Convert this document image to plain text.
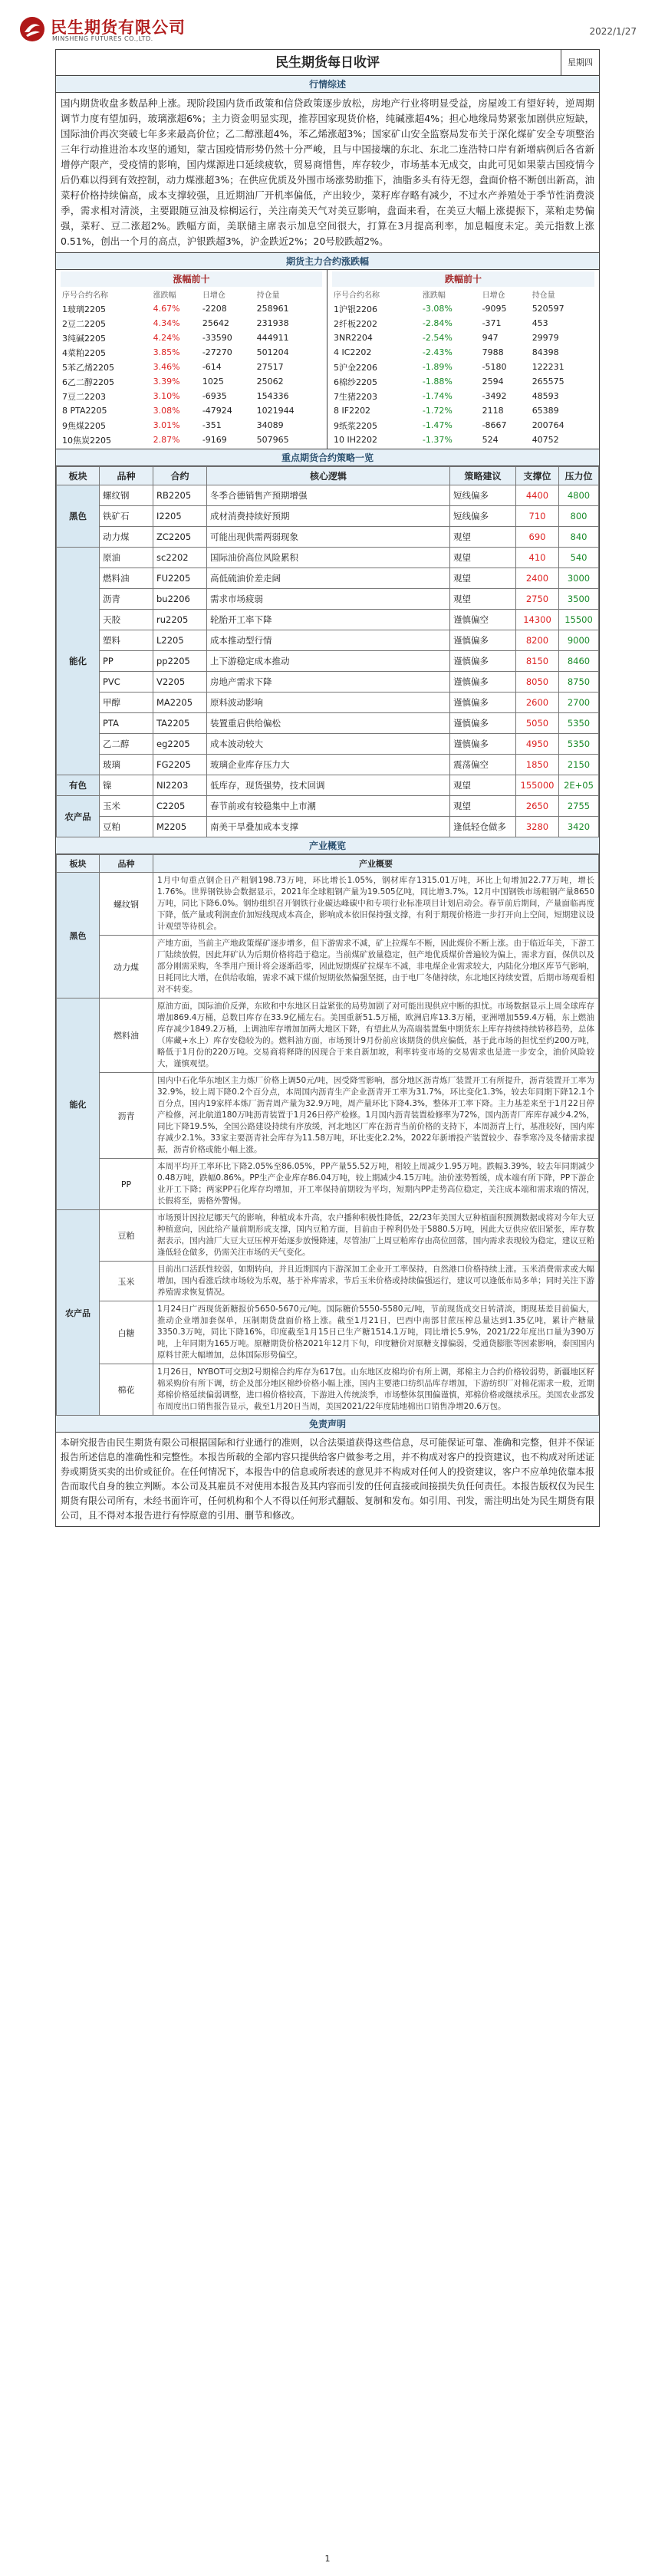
民生期货有限公司
MINSHENG FUTURES CO.,LTD.
2022/1/27
民生期货每日收评	星期四
行情综述
国内期货收盘多数品种上涨。现阶段国内货币政策和信贷政策逐步放松，房地产行业将明显受益，房屋竣工有望好转，逆周期调节力度有望加码，玻璃涨超6%；主力资金明显实现，推荐国家现货价格，纯碱涨超4%；担心地缘局势紧张加剧供应短缺，国际油价再次突破七年多来最高价位；乙二醇涨超4%，苯乙烯涨超3%；国家矿山安全监察局发布关于深化煤矿安全专项整治三年行动推进治本攻坚的通知，蒙古国疫情形势仍然十分严峻，且与中国接壤的东北、东北二连浩特口岸有新增病例后各省新增停产限产，受疫情的影响，国内煤源进口延续疲软，贸易商惜售，库存较少，市场基本无成交，由此可见如果蒙古国疫情今后仍难以得到有效控制，动力煤涨超3%；在供应优质及外围市场涨势助推下，油脂多头有待无怨，盘面价格不断创出新高，油菜籽价格持续偏高，成本支撑较强，且近期油厂开机率偏低，产出较少，菜籽库存略有减少，不过水产养殖处于季节性消费淡季，需求相对清淡，主要跟随豆油及棕榈运行，关注南美天气对美豆影响，盘面来看，在美豆大幅上涨提振下，菜粕走势偏强，菜籽、豆二涨超2%。跌幅方面，美联储主席表示加息空间很大，打算在3月提高利率，加息幅度未定。美元指数上涨0.51%，创出一个月的高点，沪银跌超3%，沪金跌近2%；20号胶跌超2%。
期货主力合约涨跌幅
涨幅前十
序号合约名称	涨跌幅	日增仓	持仓量
1玻璃2205	4.67%	-2208	258961
2豆二2205	4.34%	25642	231938
3纯碱2205	4.24%	-33590	444911
4菜粕2205	3.85%	-27270	501204
5苯乙烯2205	3.46%	-614	27517
6乙二醇2205	3.39%	1025	25062
7豆二2203	3.10%	-6935	154336
8 PTA2205	3.08%	-47924	1021944
9焦煤2205	3.01%	-351	34089
10焦炭2205	2.87%	-9169	507965
跌幅前十
序号合约名称	涨跌幅	日增仓	持仓量
1沪银2206	-3.08%	-9095	520597
2纤板2202	-2.84%	-371	453
3NR2204	-2.54%	947	29979
4 IC2202	-2.43%	7988	84398
5沪金2206	-1.89%	-5180	122231
6棉纱2205	-1.88%	2594	265575
7生猪2203	-1.74%	-3492	48593
8 IF2202	-1.72%	2118	65389
9纸浆2205	-1.47%	-8667	200764
10 IH2202	-1.37%	524	40752
重点期货合约策略一览
板块	品种	合约	核心逻辑	策略建议	支撑位	压力位
黑色	螺纹钢	RB2205	冬季合德销售产预期增强	短线偏多	4400	4800
	铁矿石	I2205	成材消费持续好预期	短线偏多	710	800
	动力煤	ZC2205	可能出现供需两弱现象	观望	690	840
能化	原油	sc2202	国际油价高位风险累积	观望	410	540
	燃料油	FU2205	高低硫油价差走阔	观望	2400	3000
	沥青	bu2206	需求市场疲弱	观望	2750	3500
	天胶	ru2205	轮胎开工率下降	谨慎偏空	14300	15500
	塑料	L2205	成本推动型行情	谨慎偏多	8200	9000
	PP	pp2205	上下游稳定成本推动	谨慎偏多	8150	8460
	PVC	V2205	房地产需求下降	谨慎偏多	8050	8750
	甲醇	MA2205	原料波动影响	谨慎偏多	2600	2700
	PTA	TA2205	装置重启供给偏松	谨慎偏多	5050	5350
	乙二醇	eg2205	成本波动较大	谨慎偏多	4950	5350
	玻璃	FG2205	玻璃企业库存压力大	震荡偏空	1850	2150
有色	镍	NI2203	低库存，现货强势，技术回调	观望	155000	2E+05
农产品	玉米	C2205	春节前或有较稳集中上市潮	观望	2650	2755
	豆粕	M2205	南美干旱叠加成本支撑	逢低轻仓做多	3280	3420
产业概览
板块	品种	产业概要
黑色	螺纹钢	1月中旬重点钢企日产粗钢198.73万吨，环比增长1.05%，钢材库存1315.01万吨，环比上旬增加22.77万吨，增长1.76%。世界钢铁协会数据显示，2021年全球粗钢产量为19.505亿吨，同比增3.7%。12月中国钢铁市场粗钢产量8650万吨，同比下降6.0%。钢协组织召开钢铁行业碳达峰碳中和专项行业标准项目计划启动会。春节前后期间，产量面临再度下降，低产量或利润查价加短线现成本高企，影响成本依旧保持强支撑，有利于期现价格进一步打开向上空间，短期建议设计观望等待机会。
	动力煤	产地方面，当前主产地政策煤矿逐步增多，但下游需求不减，矿上拉煤车不断，因此煤价不断上涨。由于临近年关，下游工厂陆续放假，因此拜矿认为后期价格将趋于稳定。当前煤矿放量稳定，但产地优质煤价普遍较为偏上，需求方面，保供以及部分刚需采购，冬季用户预计将会逐渐趋零，因此短期煤矿拉煤车不减，非电煤企业需求较大，内陆化分地区库节气影响，日耗同比大增，在供给收缩，需求不减下煤价短期依然偏强坚挺，由于电厂冬储持续，东北地区持续安置，后期市场观看相对不转变。
能化	燃料油	原油方面，国际油价反弹，东欧和中东地区日益紧张的局势加剧了对可能出现供应中断的担忧。市场数据显示上周全球库存增加869.4万桶，总数目库存在33.9亿桶左右。美国重新51.5万桶，欧洲启库13.3万桶，亚洲增加559.4万桶，东上燃油库存减少1849.2万桶，上调油库存增加加两大地区下降，有望此从为高端装置集中期货东上库存持续持续转移趋势，总体（库藏+水上）库存安稳较为的。燃料油方面，市场预计9月份前应该期货的供应偏低，基于此市场的担忧至约200万吨，略低于1月份的220万吨。交易商将释降的因现合于来自新加坡，利率转变市场的交易需求也是进一步安全，油价风险较大，谨慎观望。
	沥青	国内中石化华东地区主力炼厂价格上调50元/吨，因受降雪影响，部分地区沥青炼厂装置开工有所提升，沥青装置开工率为32.9%，较上周下降0.2个百分点，本周国内沥青生产企业沥青开工率为31.7%，环比变化1.3%，较去年同期下降12.1个百分点，国内19家样本炼厂沥青周产量为32.9万吨，周产量环比下降4.3%，整体开工率下降。主力基差来至于1月22日停产检修，河北航道180万吨沥青装置于1月26日停产检修。1月国内沥青装置检修率为72%，国内沥青厂库库存减少4.2%，同比下降19.5%，全国公路建设持续有序放缓，河北地区厂库在沥青当前价格的支持下，本周沥青上行，基准较好，国内库存减少2.1%。33家主要沥青社会库存为11.58万吨，环比变化2.2%，2022年新增投产装置较少、春季寒冷及冬储需求提振，沥青价格或能小幅上涨。
	PP	本周平均开工率环比下降2.05%至86.05%，PP产量55.52万吨，相较上周减少1.95万吨。跌幅3.39%，较去年同期减少0.48万吨，跌幅0.86%。PP生产企业库存86.04万吨，较上期减少4.15万吨。油价涨势暂缓，成本端有所下降，PP下游企业开工下降；两家PP石化库存均增加，开工率保持前期较为平均，短期内PP走势高位稳定，关注成本端和需求端的情况，长假将至，需格外警惕。
农产品	豆粕	市场预计因拉尼娜天气的影响，种植成本升高，农户播种积极性降低，22/23年美国大豆种植面积预测数据或将对今年大豆种植意向，因此给产量前期形成支撑，国内豆粕方面，目前由于榨利仍处于5880.5万吨，因此大豆供应依旧紧张，库存数据表示，国内油厂大豆大豆压榨开始逐步放慢降速，尽管油厂上周豆粕库存由高位回落，国内需求表现较为稳定，建议豆粕逢低轻仓做多，仍需关注市场的天气变化。
	玉米	目前出口活跃性较弱，如期转向，并且近期国内下游深加工企业开工率保持，自然港口价格持续上涨。玉米消费需求或大幅增加，国内看涨后续市场较为乐观，基于补库需求，节后玉米价格或持续偏强运行，建议可以逢低布局多单；同时关注下游养殖需求恢复情况。
	白糖	1月24日广西现货新糖报价5650-5670元/吨。国际糖价5550-5580元/吨，节前现货成交日转清淡，期现基差目前偏大，推动企业增加套保单，压制期货盘面价格上涨。截至1月21日，巴西中南部甘蔗压榨总量达到1.35亿吨，累计产糖量3350.3万吨，同比下降16%，印度截至1月15日已生产糖1514.1万吨，同比增长5.9%，2021/22年度出口量为390万吨，上年同期为165万吨。原糖期货价格2021年12月下旬，印度糖价对原糖支撑偏弱，受通货膨胀等因素影响，泰国国内原料甘蔗大幅增加，总体国际形势偏空。
	棉花	1月26日，NYBOT可交割2号期棉合约库存为617包。山东地区皮棉均价有所上调，郑棉主力合约价格较弱势，新疆地区籽棉采购价有所下调，纺企及部分地区棉纱价格小幅上涨，国内主要港口纺织品库存增加，下游纺织厂对棉花需求一般，近期郑棉价格延续偏弱调整，进口棉价格较高，下游进入传统淡季，市场整体氛围偏谨慎，郑棉价格或继续承压。美国农业部发布周度出口销售报告显示，截至1月20日当周，美国2021/22年度陆地棉出口销售净增20.6万包。
免责声明
本研究报告由民生期货有限公司根据国际和行业通行的准则，以合法渠道获得这些信息，尽可能保证可靠、准确和完整，但并不保证报告所述信息的准确性和完整性。本报告所载的全部内容只提供给客户做参考之用，并不构成对客户的投资建议，也不构成对所述证券或期货买卖的出价或征价。在任何情况下，本报告中的信息或所表述的意见并不构成对任何人的投资建议，客户不应单纯依靠本报告而取代自身的独立判断。本公司及其雇员不对使用本报告及其内容而引发的任何直接或间接损失负任何责任。本报告版权仅为民生期货有限公司所有，未经书面许可，任何机构和个人不得以任何形式翻版、复制和发布。如引用、刊发，需注明出处为民生期货有限公司，且不得对本报告进行有悖原意的引用、删节和修改。
1
